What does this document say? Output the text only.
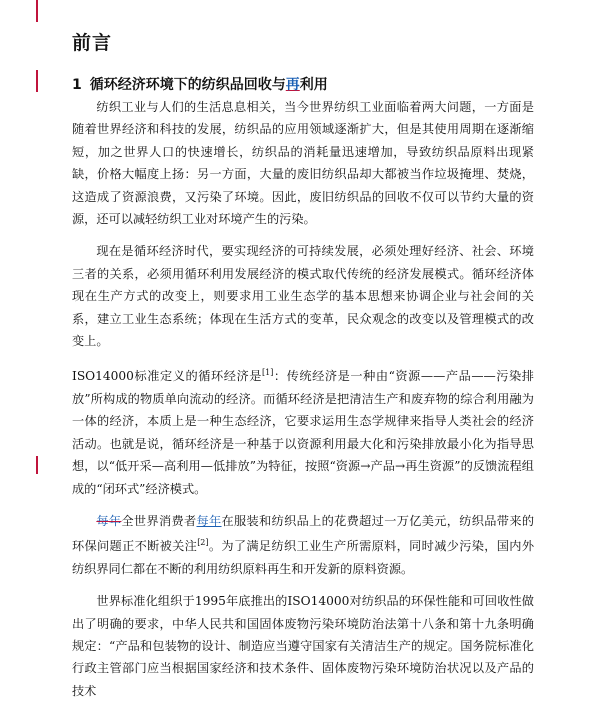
前言
1 循环经济环境下的纺织品回收与再利用

纺织工业与人们的生活息息相关，当今世界纺织工业面临着两大问题，一方面是随着世界经济和科技的发展，纺织品的应用领域逐渐扩大，但是其使用周期在逐渐缩短，加之世界人口的快速增长，纺织品的消耗量迅速增加，导致纺织品原料出现紧缺，价格大幅度上扬：另一方面，大量的废旧纺织品却大都被当作垃圾掩埋、焚烧，这造成了资源浪费，又污染了环境。因此，废旧纺织品的回收不仅可以节约大量的资源，还可以减轻纺织工业对环境产生的污染。

现在是循环经济时代，要实现经济的可持续发展，必须处理好经济、社会、环境三者的关系，必须用循环利用发展经济的模式取代传统的经济发展模式。循环经济体现在生产方式的改变上，则要求用工业生态学的基本思想来协调企业与社会间的关系，建立工业生态系统；体现在生活方式的变革，民众观念的改变以及管理模式的改变上。

ISO14000标准定义的循环经济是[1]：传统经济是一种由“资源——产品——污染排放”所构成的物质单向流动的经济。而循环经济是把清洁生产和废弃物的综合利用融为一体的经济，本质上是一种生态经济，它要求运用生态学规律来指导人类社会的经济活动。也就是说，循环经济是一种基于以资源利用最大化和污染排放最小化为指导思想，以“低开采—高利用—低排放”为特征，按照“资源→产品→再生资源”的反馈流程组成的“闭环式”经济模式。

每年全世界消费者每年在服装和纺织品上的花费超过一万亿美元，纺织品带来的环保问题正不断被关注[2]。为了满足纺织工业生产所需原料，同时减少污染，国内外纺织界同仁都在不断的利用纺织原料再生和开发新的原料资源。

世界标准化组织于1995年底推出的ISO14000对纺织品的环保性能和可回收性做出了明确的要求，中华人民共和国固体废物污染环境防治法第十八条和第十九条明确规定：“产品和包装物的设计、制造应当遵守国家有关清洁生产的规定。国务院标准化行政主管部门应当根据国家经济和技术条件、固体废物污染环境防治状况以及产品的技术
